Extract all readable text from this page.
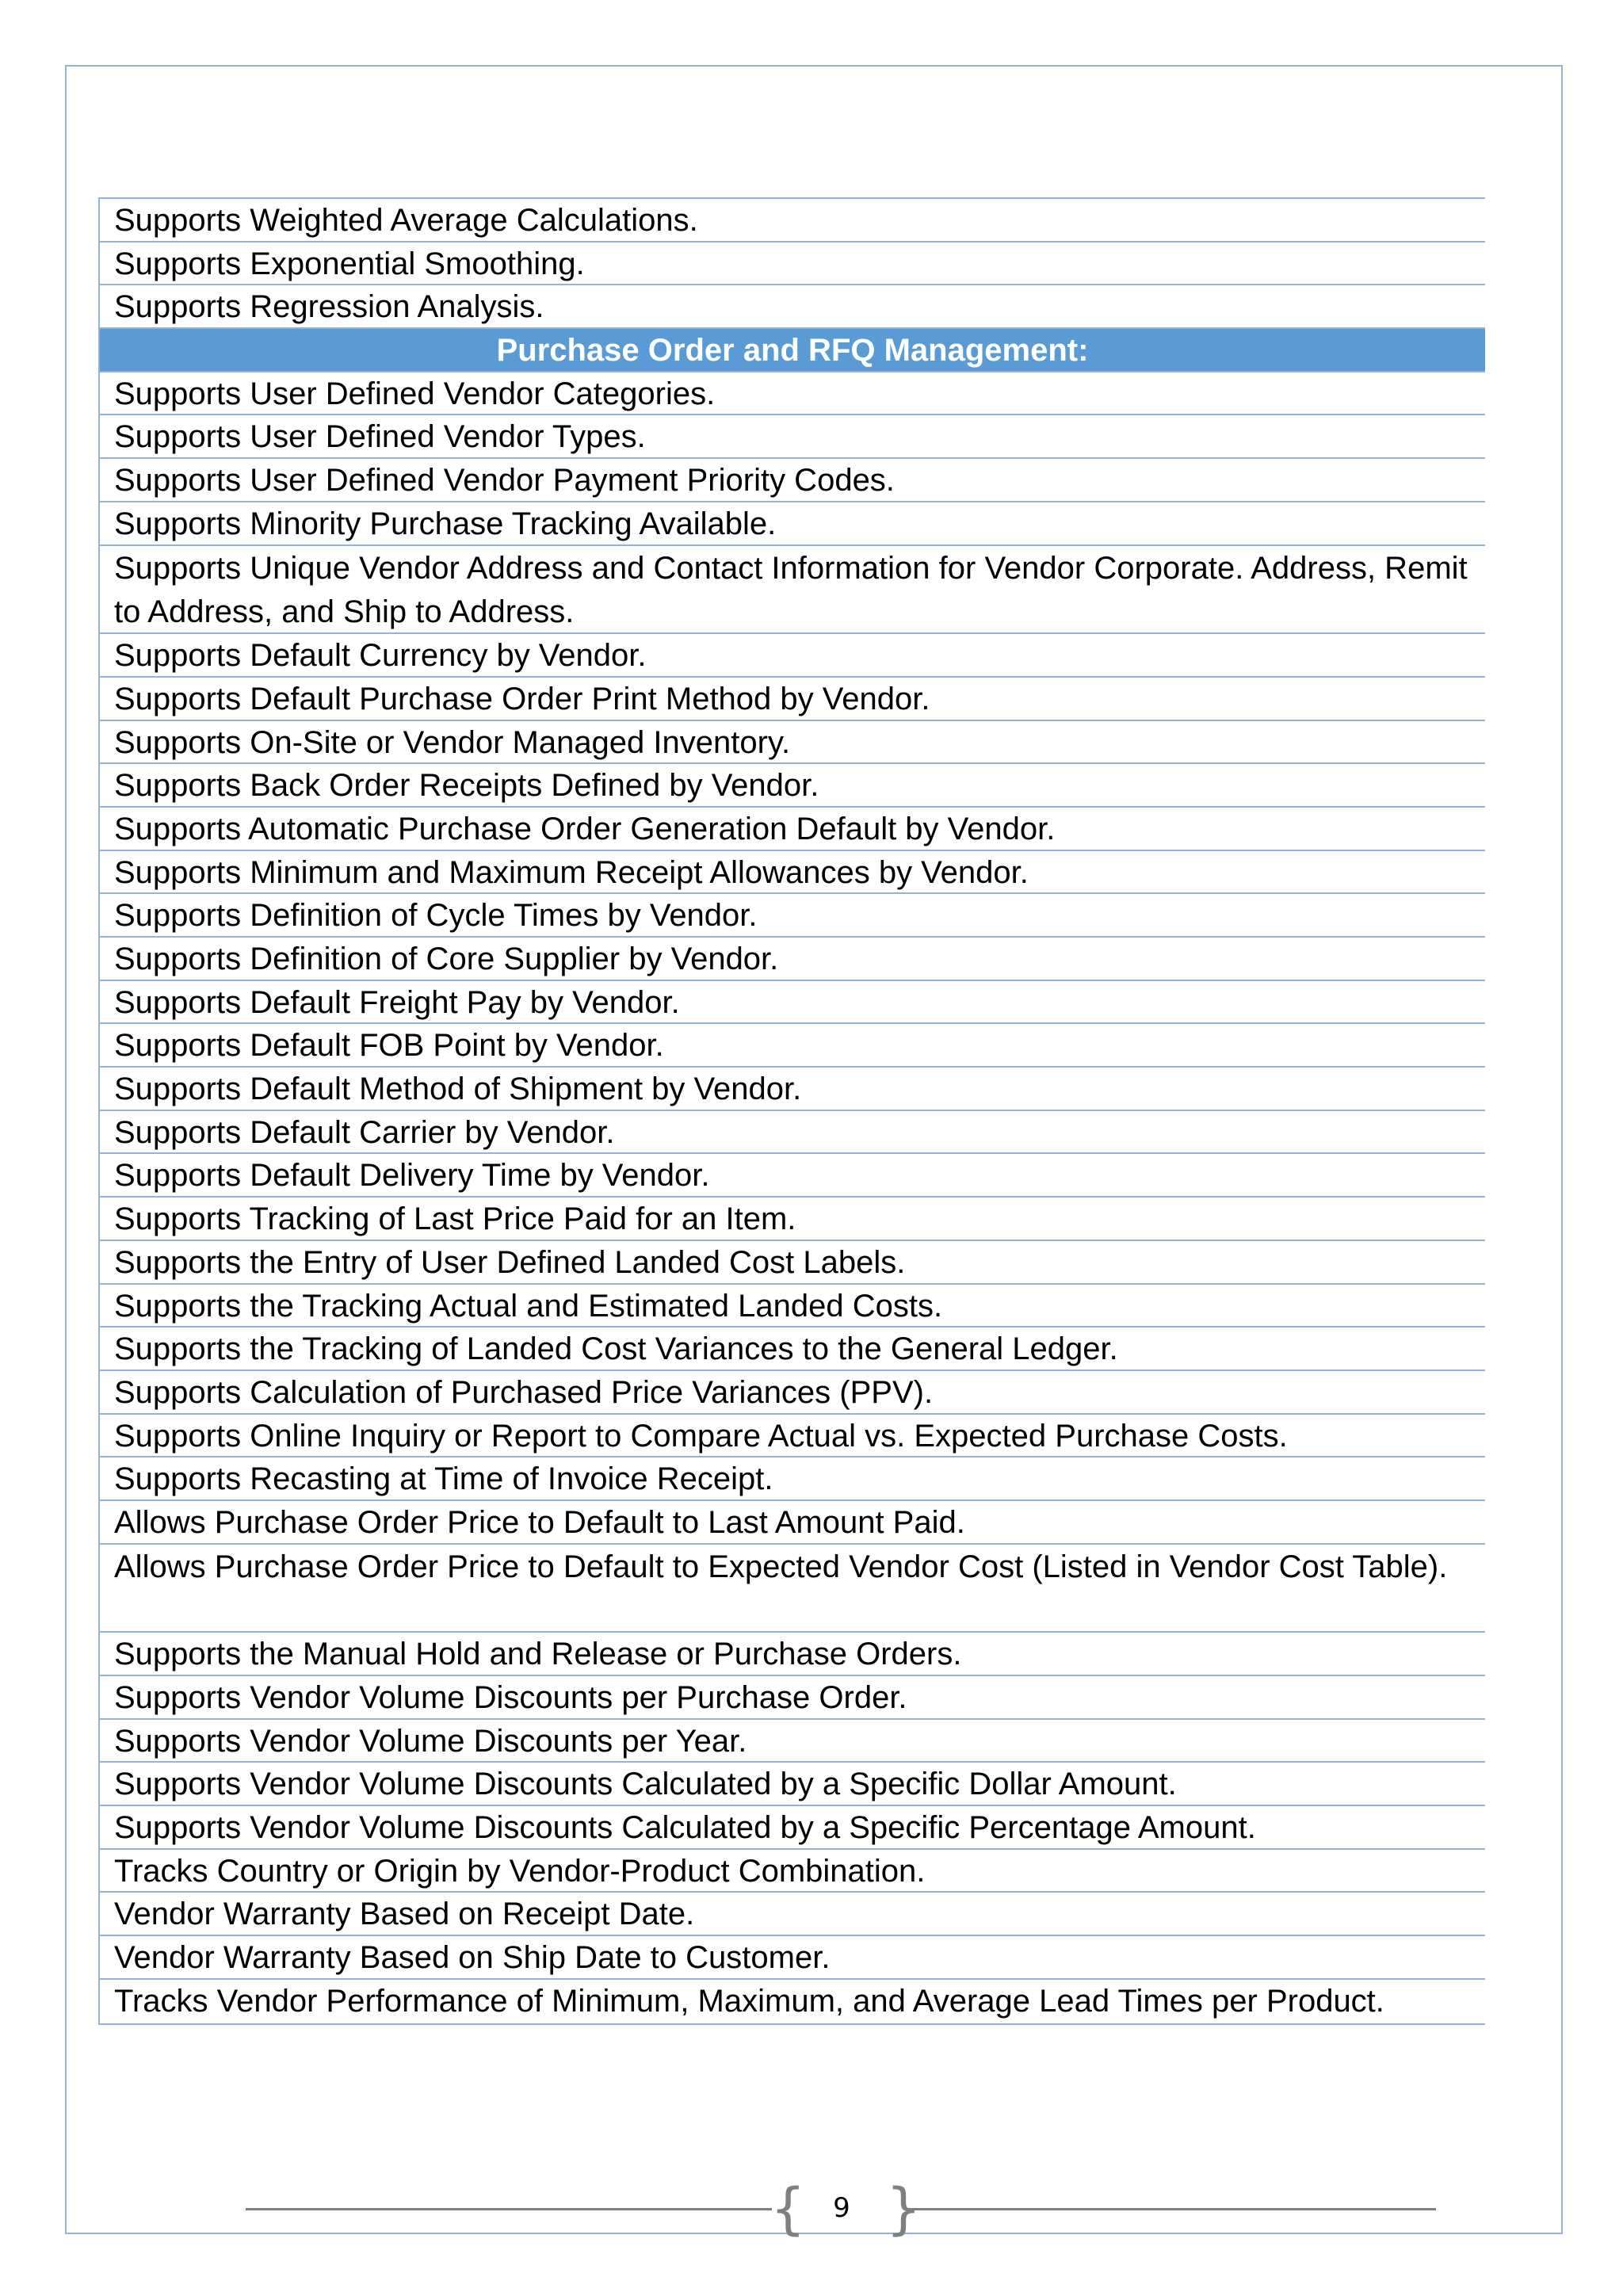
Supports Weighted Average Calculations.
Supports Exponential Smoothing.
Supports Regression Analysis.
Purchase Order and RFQ Management:
Supports User Defined Vendor Categories.
Supports User Defined Vendor Types.
Supports User Defined Vendor Payment Priority Codes.
Supports Minority Purchase Tracking Available.
Supports Unique Vendor Address and Contact Information for Vendor Corporate. Address, Remit to Address, and Ship to Address.
Supports Default Currency by Vendor.
Supports Default Purchase Order Print Method by Vendor.
Supports On-Site or Vendor Managed Inventory.
Supports Back Order Receipts Defined by Vendor.
Supports Automatic Purchase Order Generation Default by Vendor.
Supports Minimum and Maximum Receipt Allowances by Vendor.
Supports Definition of Cycle Times by Vendor.
Supports Definition of Core Supplier by Vendor.
Supports Default Freight Pay by Vendor.
Supports Default FOB Point by Vendor.
Supports Default Method of Shipment by Vendor.
Supports Default Carrier by Vendor.
Supports Default Delivery Time by Vendor.
Supports Tracking of Last Price Paid for an Item.
Supports the Entry of User Defined Landed Cost Labels.
Supports the Tracking Actual and Estimated Landed Costs.
Supports the Tracking of Landed Cost Variances to the General Ledger.
Supports Calculation of Purchased Price Variances (PPV).
Supports Online Inquiry or Report to Compare Actual vs. Expected Purchase Costs.
Supports Recasting at Time of Invoice Receipt.
Allows Purchase Order Price to Default to Last Amount Paid.
Allows Purchase Order Price to Default to Expected Vendor Cost (Listed in Vendor Cost Table).
Supports the Manual Hold and Release or Purchase Orders.
Supports Vendor Volume Discounts per Purchase Order.
Supports Vendor Volume Discounts per Year.
Supports Vendor Volume Discounts Calculated by a Specific Dollar Amount.
Supports Vendor Volume Discounts Calculated by a Specific Percentage Amount.
Tracks Country or Origin by Vendor-Product Combination.
Vendor Warranty Based on Receipt Date.
Vendor Warranty Based on Ship Date to Customer.
Tracks Vendor Performance of Minimum, Maximum, and Average Lead Times per Product.
{	9 }
